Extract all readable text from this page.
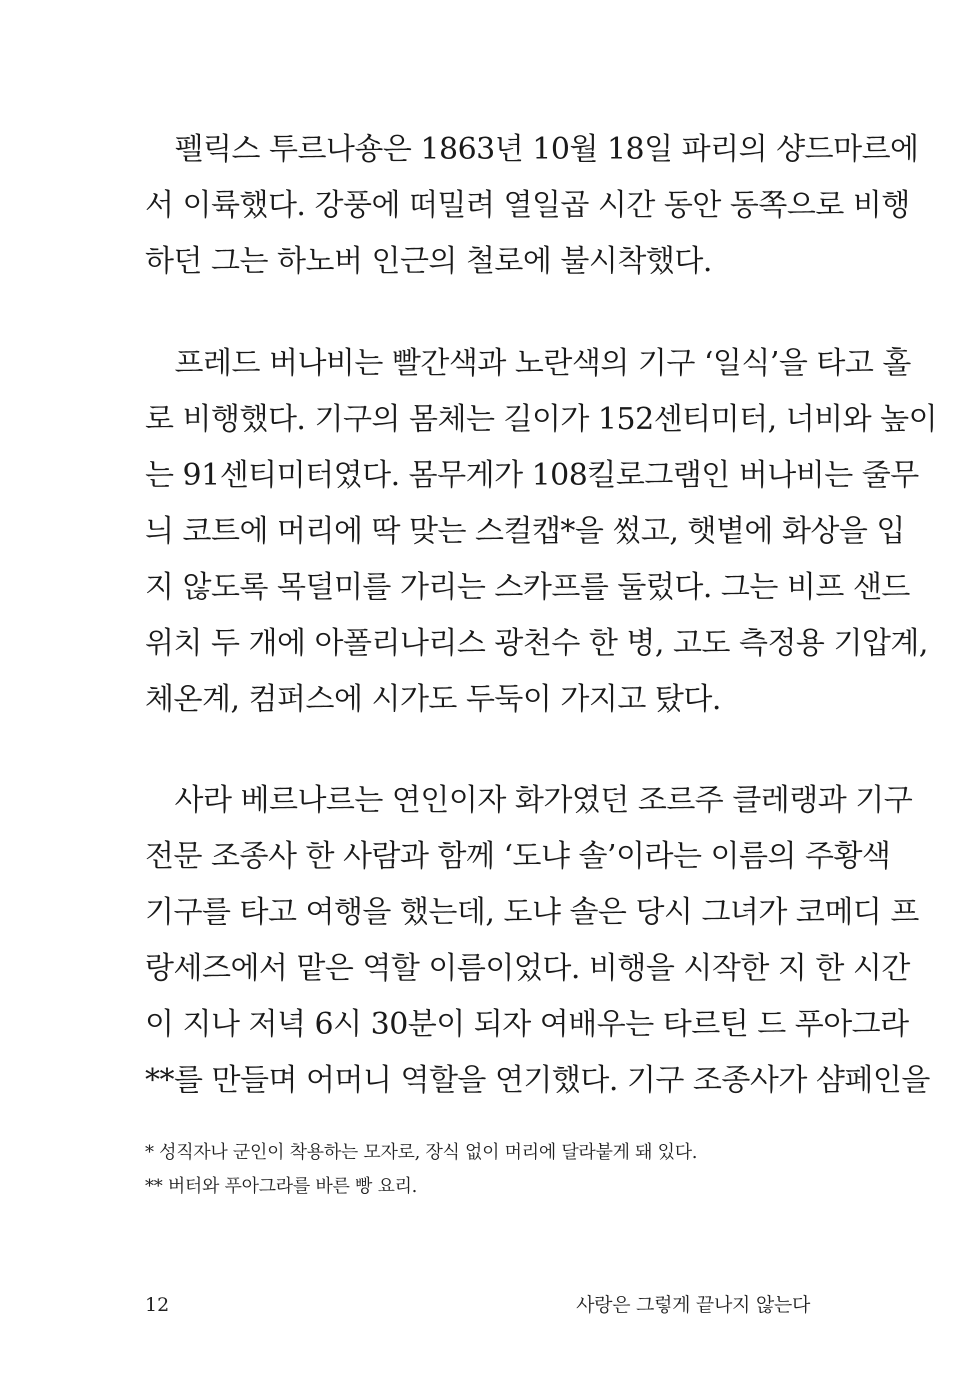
　펠릭스 투르나숑은 1863년 10월 18일 파리의 샹드마르에
서 이륙했다. 강풍에 떠밀려 열일곱 시간 동안 동쪽으로 비행
하던 그는 하노버 인근의 철로에 불시착했다.
　프레드 버나비는 빨간색과 노란색의 기구 ‘일식’을 타고 홀
로 비행했다. 기구의 몸체는 길이가 152센티미터, 너비와 높이
는 91센티미터였다. 몸무게가 108킬로그램인 버나비는 줄무
늬 코트에 머리에 딱 맞는 스컬캡*을 썼고, 햇볕에 화상을 입
지 않도록 목덜미를 가리는 스카프를 둘렀다. 그는 비프 샌드
위치 두 개에 아폴리나리스 광천수 한 병, 고도 측정용 기압계,
체온계, 컴퍼스에 시가도 두둑이 가지고 탔다.
　사라 베르나르는 연인이자 화가였던 조르주 클레랭과 기구
전문 조종사 한 사람과 함께 ‘도냐 솔’이라는 이름의 주황색
기구를 타고 여행을 했는데, 도냐 솔은 당시 그녀가 코메디 프
랑세즈에서 맡은 역할 이름이었다. 비행을 시작한 지 한 시간
이 지나 저녁 6시 30분이 되자 여배우는 타르틴 드 푸아그라
**를 만들며 어머니 역할을 연기했다. 기구 조종사가 샴페인을
* 성직자나 군인이 착용하는 모자로, 장식 없이 머리에 달라붙게 돼 있다.
** 버터와 푸아그라를 바른 빵 요리.
12	사랑은 그렇게 끝나지 않는다
